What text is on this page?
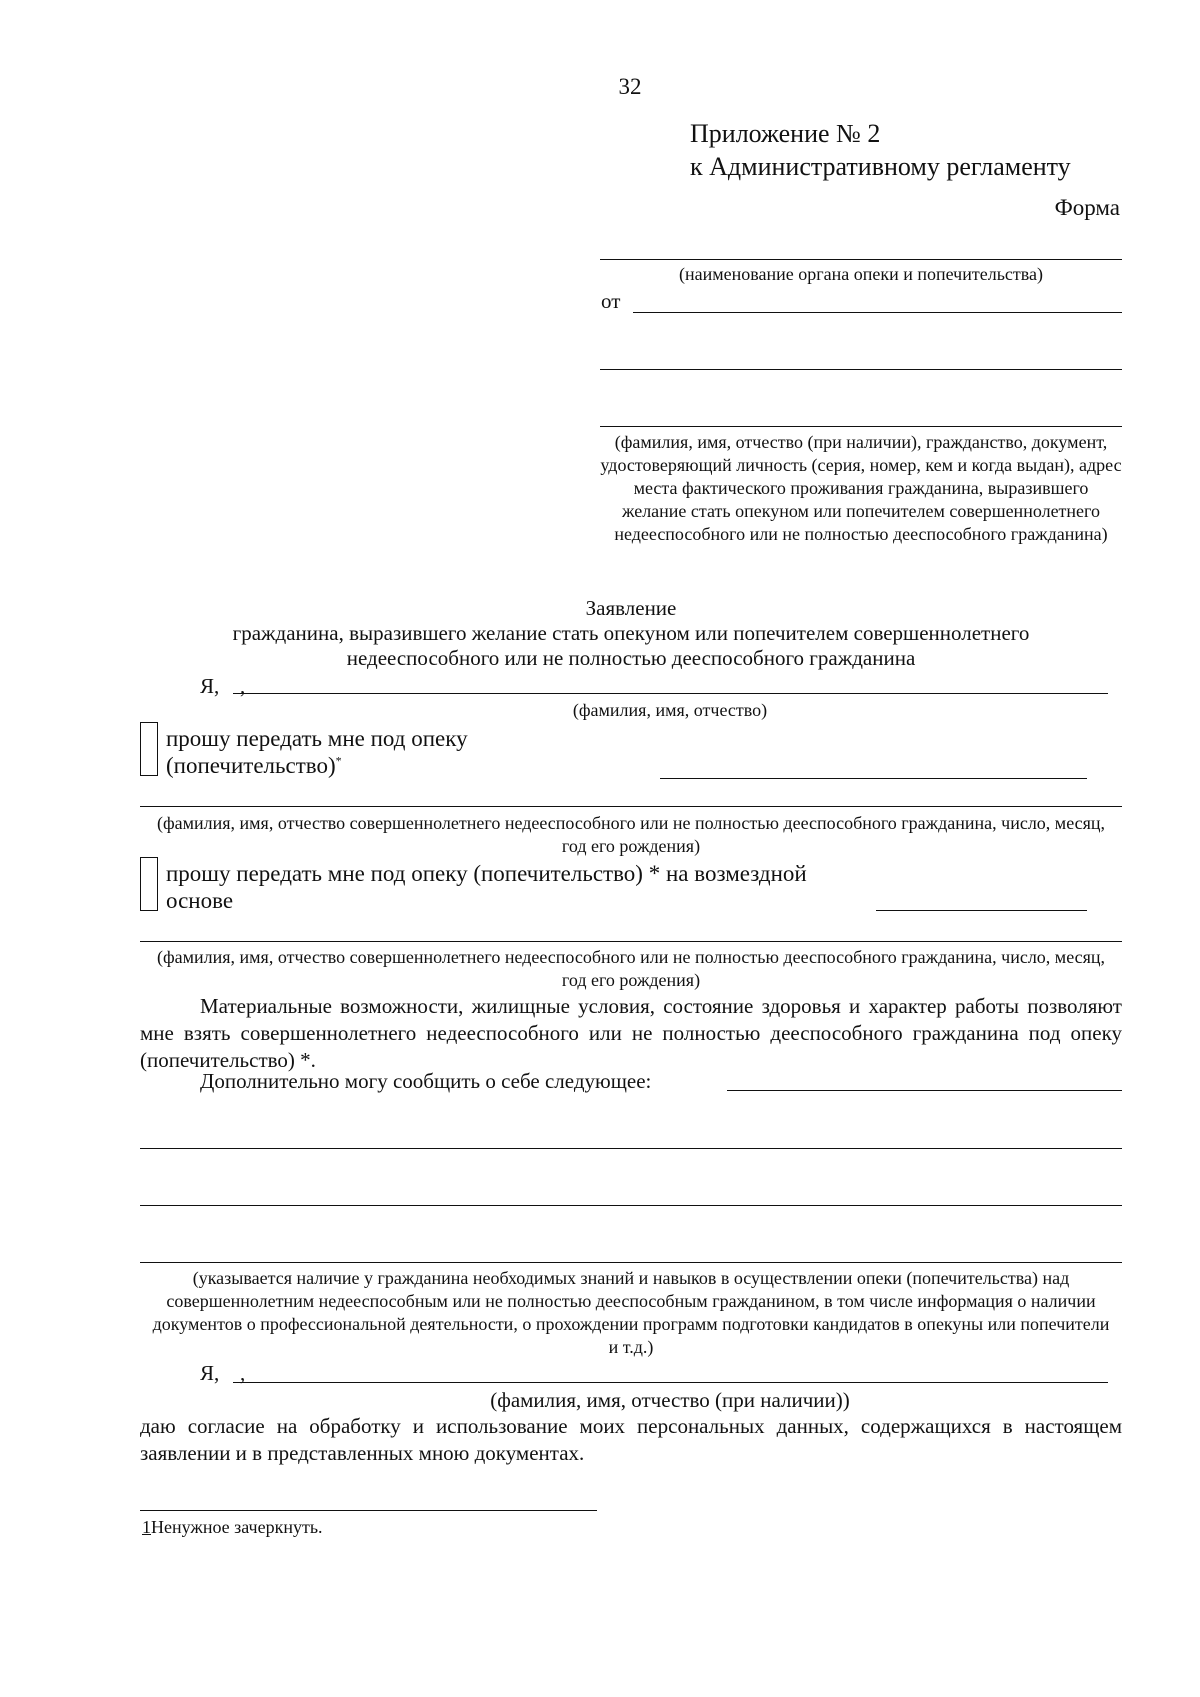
32
Приложение № 2
к Административному регламенту
Форма
(наименование органа опеки и попечительства)
от
(фамилия, имя, отчество (при наличии), гражданство, документ, удостоверяющий личность (серия, номер, кем и когда выдан), адрес места фактического проживания гражданина, выразившего желание стать опекуном или попечителем совершеннолетнего недееспособного или не полностью дееспособного гражданина)
Заявление
гражданина, выразившего желание стать опекуном или попечителем совершеннолетнего
недееспособного или не полностью дееспособного гражданина
Я, ,
(фамилия, имя, отчество)
прошу передать мне под опеку
(попечительство)*
(фамилия, имя, отчество совершеннолетнего недееспособного или не полностью дееспособного гражданина, число, месяц, год его рождения)
прошу передать мне под опеку (попечительство) * на возмездной
основе
(фамилия, имя, отчество совершеннолетнего недееспособного или не полностью дееспособного гражданина, число, месяц, год его рождения)
Материальные возможности, жилищные условия, состояние здоровья и характер работы позволяют мне взять совершеннолетнего недееспособного или не полностью дееспособного гражданина под опеку (попечительство) *.
Дополнительно могу сообщить о себе следующее:
(указывается наличие у гражданина необходимых знаний и навыков в осуществлении опеки (попечительства) над совершеннолетним недееспособным или не полностью дееспособным гражданином, в том числе информация о наличии документов о профессиональной деятельности, о прохождении программ подготовки кандидатов в опекуны или попечители и т.д.)
Я, ,
(фамилия, имя, отчество (при наличии))
даю согласие на обработку и использование моих персональных данных, содержащихся в настоящем заявлении и в представленных мною документах.
1Ненужное зачеркнуть.
